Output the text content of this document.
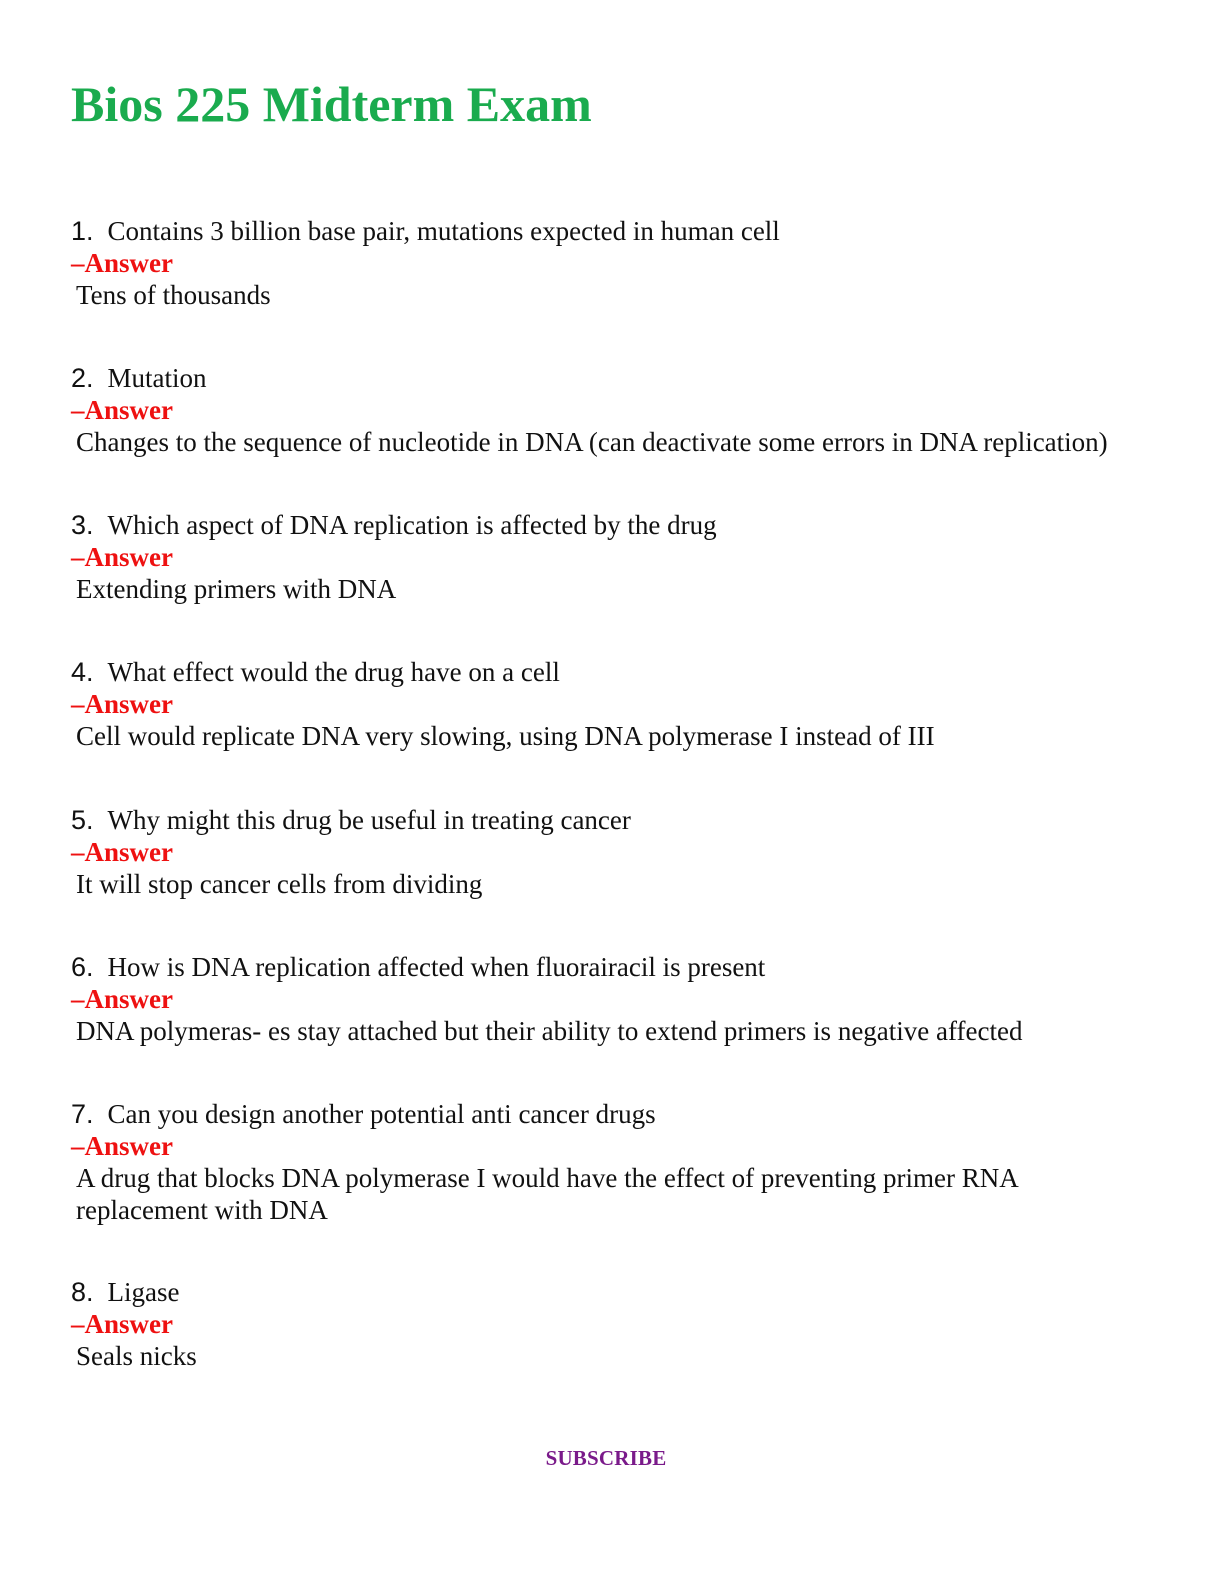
Bios 225 Midterm Exam
1. Contains 3 billion base pair, mutations expected in human cell
–Answer
Tens of thousands
2. Mutation
–Answer
Changes to the sequence of nucleotide in DNA (can deactivate some errors in DNA replication)
3. Which aspect of DNA replication is affected by the drug
–Answer
Extending primers with DNA
4. What effect would the drug have on a cell
–Answer
Cell would replicate DNA very slowing, using DNA polymerase I instead of III
5. Why might this drug be useful in treating cancer
–Answer
It will stop cancer cells from dividing
6. How is DNA replication affected when fluorairacil is present
–Answer
DNA polymeras- es stay attached but their ability to extend primers is negative affected
7. Can you design another potential anti cancer drugs
–Answer
A drug that blocks DNA polymerase I would have the effect of preventing primer RNA replacement with DNA
8. Ligase
–Answer
Seals nicks
SUBSCRIBE
